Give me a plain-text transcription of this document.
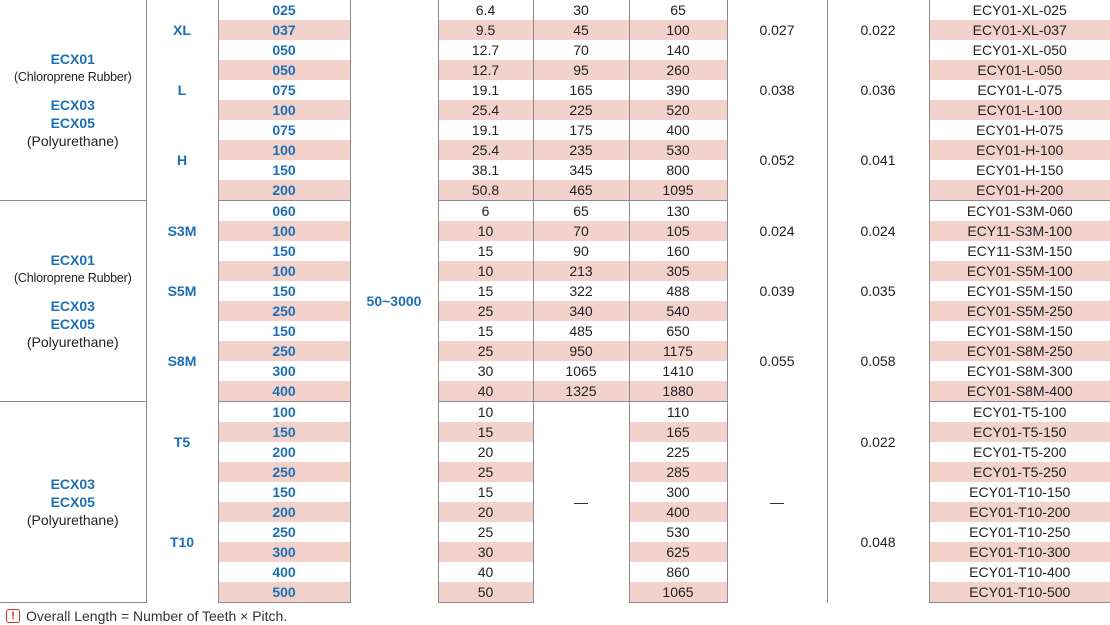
ECX01
(Chloroprene Rubber)
ECX03
ECX05
(Polyurethane)	XL	025	50~3000	6.4	30	65	0.027	0.022	ECY01-XL-025
		037		9.5	45	100			ECY01-XL-037
		050		12.7	70	140			ECY01-XL-050
	L	050		12.7	95	260	0.038	0.036	ECY01-L-050
		075		19.1	165	390			ECY01-L-075
		100		25.4	225	520			ECY01-L-100
	H	075		19.1	175	400	0.052	0.041	ECY01-H-075
		100		25.4	235	530			ECY01-H-100
		150		38.1	345	800			ECY01-H-150
		200		50.8	465	1095			ECY01-H-200

ECX01
(Chloroprene Rubber)
ECX03
ECX05
(Polyurethane)	S3M	060		6	65	130	0.024	0.024	ECY01-S3M-060
		100		10	70	105			ECY11-S3M-100
		150		15	90	160			ECY11-S3M-150
	S5M	100		10	213	305	0.039	0.035	ECY01-S5M-100
		150		15	322	488			ECY01-S5M-150
		250		25	340	540			ECY01-S5M-250
	S8M	150		15	485	650	0.055	0.058	ECY01-S8M-150
		250		25	950	1175			ECY01-S8M-250
		300		30	1065	1410			ECY01-S8M-300
		400		40	1325	1880			ECY01-S8M-400

ECX03
ECX05
(Polyurethane)	T5	100		10	—	110	—	0.022	ECY01-T5-100
		150		15		165			ECY01-T5-150
		200		20		225			ECY01-T5-200
		250		25		285			ECY01-T5-250
	T10	150		15		300		0.048	ECY01-T10-150
		200		20		400			ECY01-T10-200
		250		25		530			ECY01-T10-250
		300		30		625			ECY01-T10-300
		400		40		860			ECY01-T10-400
		500		50		1065			ECY01-T10-500
! Overall Length = Number of Teeth × Pitch.
